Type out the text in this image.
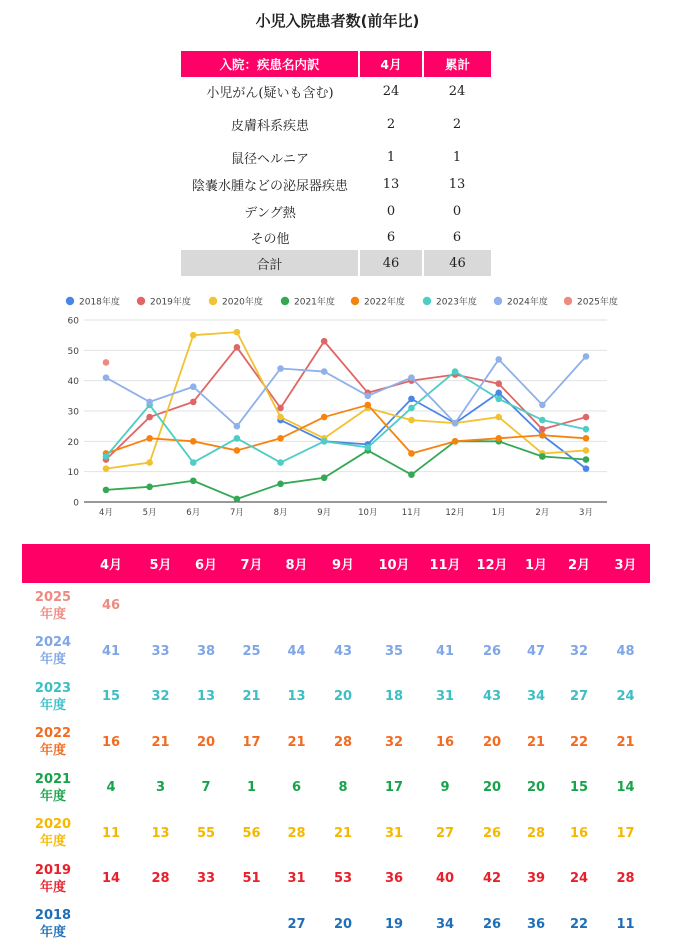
小児入院患者数(前年比)
入院：疾患名内訳	4月	累計
小児がん(疑いも含む)	24	24
皮膚科系疾患	2	2
鼠径ヘルニア	1	1
陰嚢水腫などの泌尿器疾患	13	13
デング熱	0	0
その他	6	6
合計	46	46
2018年度	2019年度	2020年度	2021年度	2022年度	2023年度	2024年度	2025年度
0
10
20
30
40
50
60
4月	5月	6月	7月	8月	9月	10月	11月	12月	1月	2月	3月
	4月	5月	6月	7月	8月	9月	10月	11月	12月	1月	2月	3月

2025
年度	46											

2024
年度	41	33	38	25	44	43	35	41	26	47	32	48

2023
年度	15	32	13	21	13	20	18	31	43	34	27	24

2022
年度	16	21	20	17	21	28	32	16	20	21	22	21

2021
年度	4	3	7	1	6	8	17	9	20	20	15	14

2020
年度	11	13	55	56	28	21	31	27	26	28	16	17

2019
年度	14	28	33	51	31	53	36	40	42	39	24	28

2018
年度					27	20	19	34	26	36	22	11
